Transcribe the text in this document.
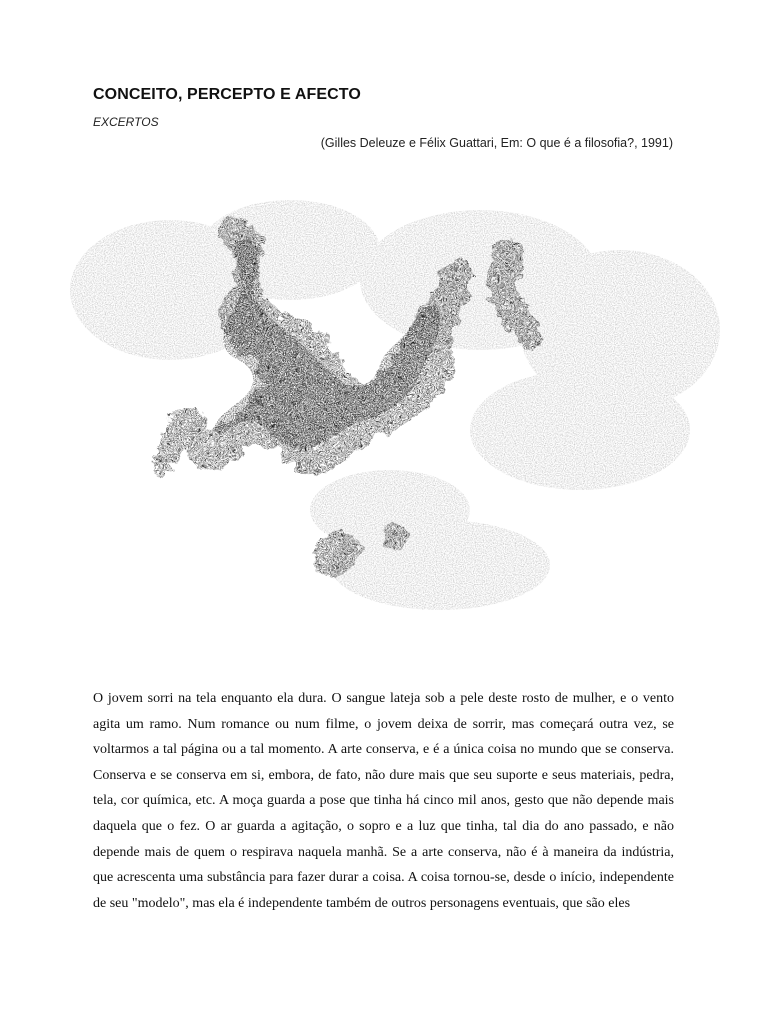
CONCEITO, PERCEPTO E AFECTO
EXCERTOS
(Gilles Deleuze e Félix Guattari, Em: O que é a filosofia?, 1991)

O jovem sorri na tela enquanto ela dura. O sangue lateja sob a pele deste rosto de mulher, e o vento agita um ramo. Num romance ou num filme, o jovem deixa de sorrir, mas começará outra vez, se voltarmos a tal página ou a tal momento. A arte conserva, e é a única coisa no mundo que se conserva. Conserva e se conserva em si, embora, de fato, não dure mais que seu suporte e seus materiais, pedra, tela, cor química, etc. A moça guarda a pose que tinha há cinco mil anos, gesto que não depende mais daquela que o fez. O ar guarda a agitação, o sopro e a luz que tinha, tal dia do ano passado, e não depende mais de quem o respirava naquela manhã. Se a arte conserva, não é à maneira da indústria, que acrescenta uma substância para fazer durar a coisa. A coisa tornou-se, desde o início, independente de seu "modelo", mas ela é independente também de outros personagens eventuais, que são eles
